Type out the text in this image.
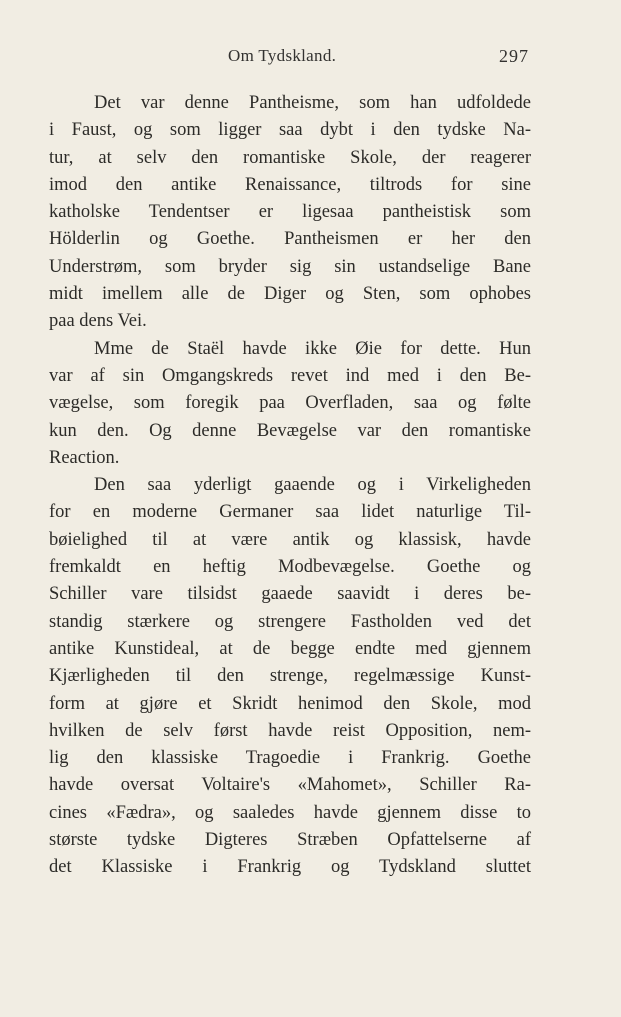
Om Tydskland.	297
Det var denne Pantheisme, som han udfoldede
i Faust, og som ligger saa dybt i den tydske Na-
tur, at selv den romantiske Skole, der reagerer
imod den antike Renaissance, tiltrods for sine
katholske Tendentser er ligesaa pantheistisk som
Hölderlin og Goethe. Pantheismen er her den
Understrøm, som bryder sig sin ustandselige Bane
midt imellem alle de Diger og Sten, som ophobes
paa dens Vei.
Mme de Staël havde ikke Øie for dette. Hun
var af sin Omgangskreds revet ind med i den Be-
vægelse, som foregik paa Overfladen, saa og følte
kun den. Og denne Bevægelse var den romantiske
Reaction.
Den saa yderligt gaaende og i Virkeligheden
for en moderne Germaner saa lidet naturlige Til-
bøielighed til at være antik og klassisk, havde
fremkaldt en heftig Modbevægelse. Goethe og
Schiller vare tilsidst gaaede saavidt i deres be-
standig stærkere og strengere Fastholden ved det
antike Kunstideal, at de begge endte med gjennem
Kjærligheden til den strenge, regelmæssige Kunst-
form at gjøre et Skridt henimod den Skole, mod
hvilken de selv først havde reist Opposition, nem-
lig den klassiske Tragoedie i Frankrig. Goethe
havde oversat Voltaire's «Mahomet», Schiller Ra-
cines «Fædra», og saaledes havde gjennem disse to
største tydske Digteres Stræben Opfattelserne af
det Klassiske i Frankrig og Tydskland sluttet
